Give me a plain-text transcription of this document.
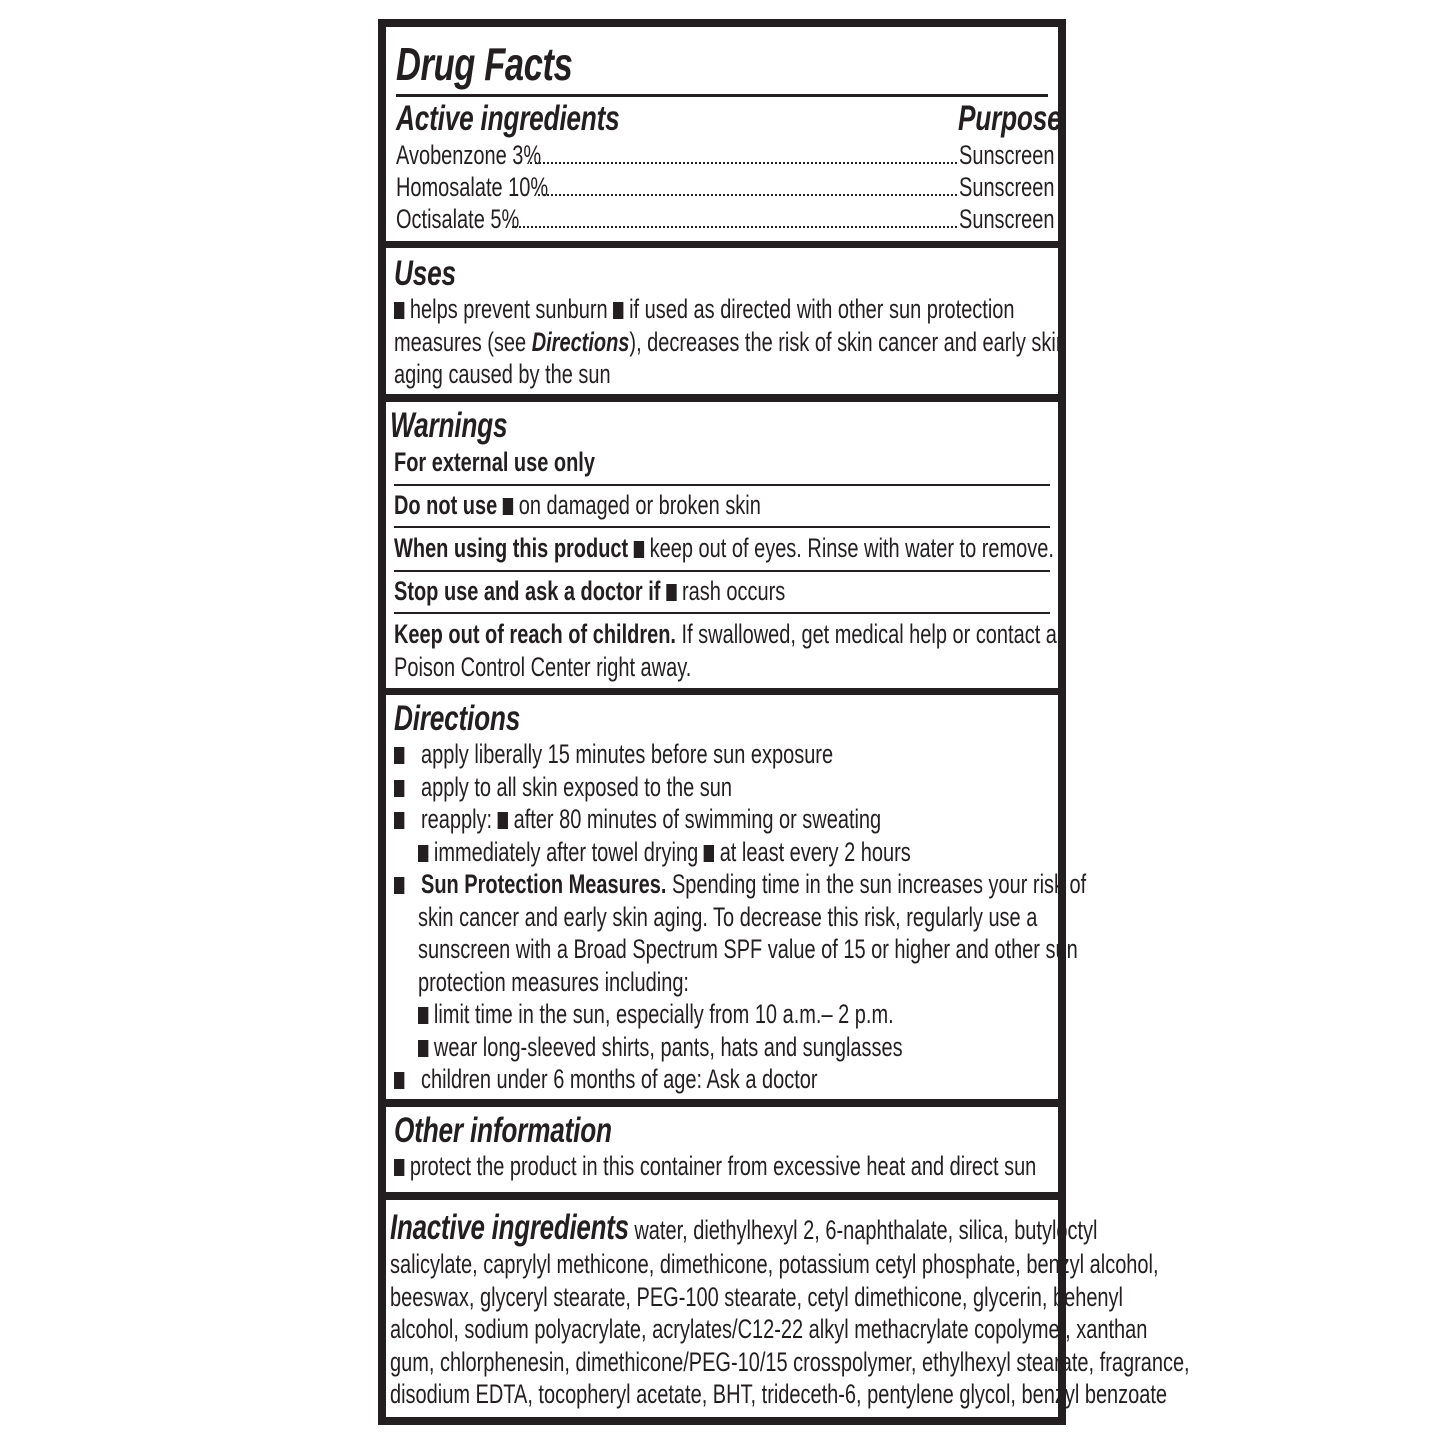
Drug Facts
Active ingredients	Purpose
Avobenzone 3%	Sunscreen
Homosalate 10%	Sunscreen
Octisalate 5%	Sunscreen
Uses
helps prevent sunburn if used as directed with other sun protection
measures (see Directions), decreases the risk of skin cancer and early skin
aging caused by the sun
Warnings
For external use only
Do not use on damaged or broken skin
When using this product keep out of eyes. Rinse with water to remove.
Stop use and ask a doctor if rash occurs
Keep out of reach of children. If swallowed, get medical help or contact a
Poison Control Center right away.
Directions
apply liberally 15 minutes before sun exposure
apply to all skin exposed to the sun
reapply: after 80 minutes of swimming or sweating
immediately after towel drying at least every 2 hours
Sun Protection Measures. Spending time in the sun increases your risk of
skin cancer and early skin aging. To decrease this risk, regularly use a
sunscreen with a Broad Spectrum SPF value of 15 or higher and other sun
protection measures including:
limit time in the sun, especially from 10 a.m.– 2 p.m.
wear long-sleeved shirts, pants, hats and sunglasses
children under 6 months of age: Ask a doctor
Other information
protect the product in this container from excessive heat and direct sun
Inactive ingredients water, diethylhexyl 2, 6-naphthalate, silica, butyloctyl
salicylate, caprylyl methicone, dimethicone, potassium cetyl phosphate, benzyl alcohol,
beeswax, glyceryl stearate, PEG-100 stearate, cetyl dimethicone, glycerin, behenyl
alcohol, sodium polyacrylate, acrylates/C12-22 alkyl methacrylate copolymer, xanthan
gum, chlorphenesin, dimethicone/PEG-10/15 crosspolymer, ethylhexyl stearate, fragrance,
disodium EDTA, tocopheryl acetate, BHT, trideceth-6, pentylene glycol, benzyl benzoate
